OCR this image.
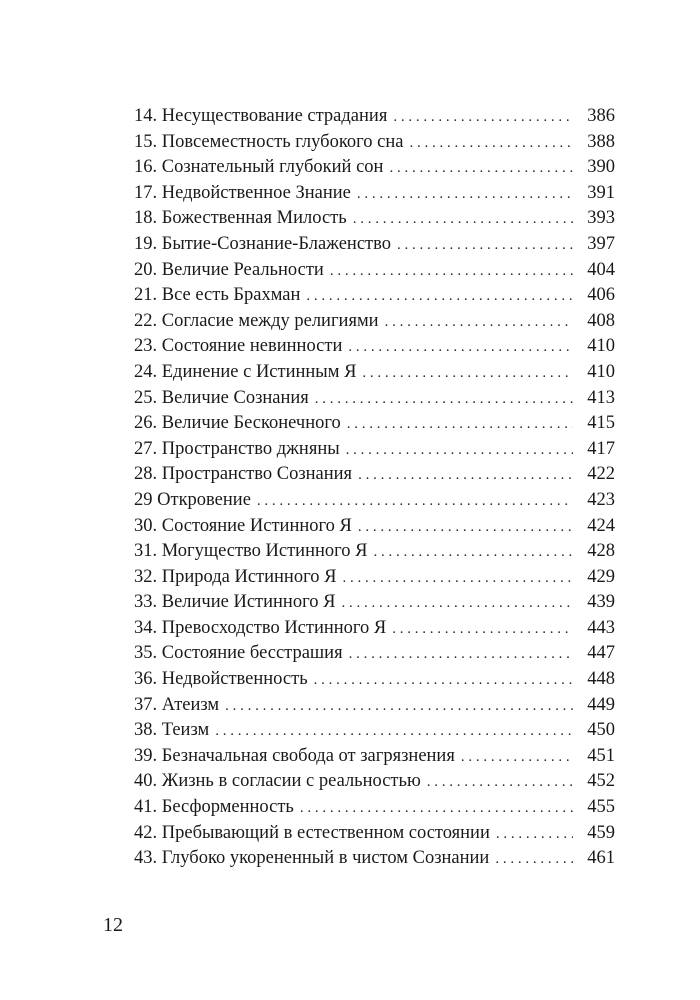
14. Несуществование страдания . . .	386
15. Повсеместность глубокого сна . . .	388
16. Сознательный глубокий сон . . .	390
17. Недвойственное Знание . . .	391
18. Божественная Милость . . .	393
19. Бытие-Сознание-Блаженство . . .	397
20. Величие Реальности . . .	404
21. Все есть Брахман . . .	406
22. Согласие между религиями . . .	408
23. Состояние невинности . . .	410
24. Единение с Истинным Я . . .	410
25. Величие Сознания . . .	413
26. Величие Бесконечного . . .	415
27. Пространство джняны . . .	417
28. Пространство Сознания . . .	422
29 Откровение . . .	423
30. Состояние Истинного Я . . .	424
31. Могущество Истинного Я . . .	428
32. Природа Истинного Я . . .	429
33. Величие Истинного Я . . .	439
34. Превосходство Истинного Я . . .	443
35. Состояние бесстрашия . . .	447
36. Недвойственность . . .	448
37. Атеизм . . .	449
38. Теизм . . .	450
39. Безначальная свобода от загрязнения . . .	451
40. Жизнь в согласии с реальностью . . .	452
41. Бесформенность . . .	455
42. Пребывающий в естественном состоянии . . .	459
43. Глубоко укорененный в чистом Сознании . . .	461
12
